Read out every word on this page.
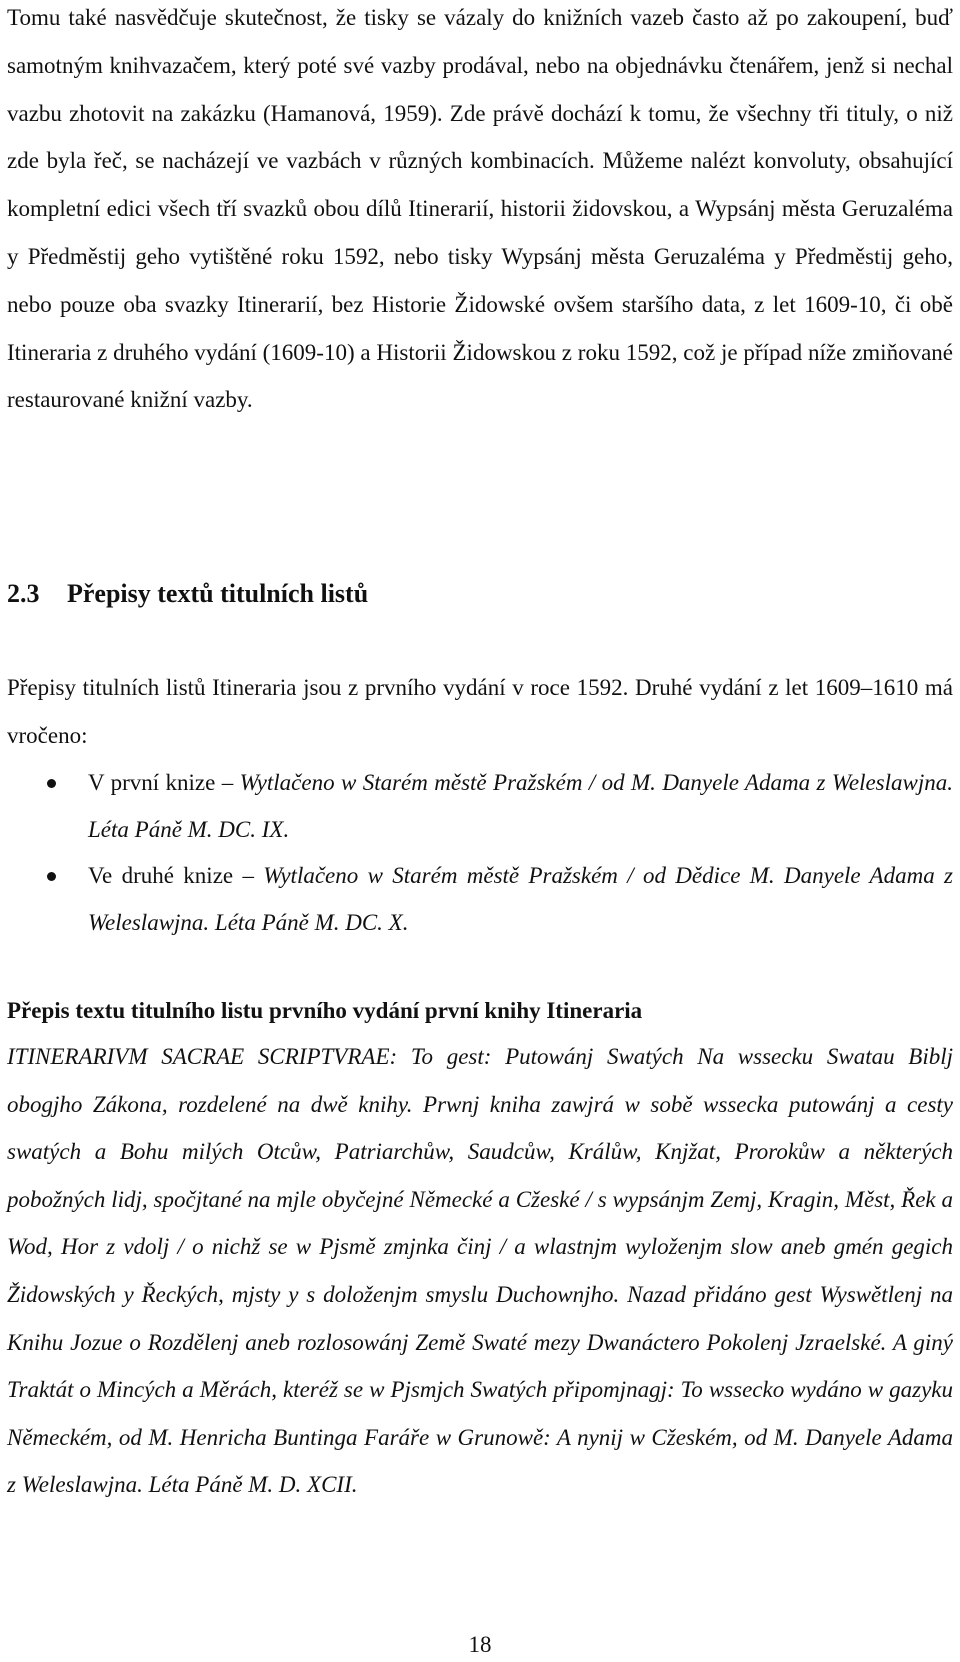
Tomu také nasvědčuje skutečnost, že tisky se vázaly do knižních vazeb často až po zakoupení, buď samotným knihvazačem, který poté své vazby prodával, nebo na objednávku čtenářem, jenž si nechal vazbu zhotovit na zakázku (Hamanová, 1959). Zde právě dochází k tomu, že všechny tři tituly, o niž zde byla řeč, se nacházejí ve vazbách v různých kombinacích. Můžeme nalézt konvoluty, obsahující kompletní edici všech tří svazků obou dílů Itinerarií, historii židovskou, a Wypsánj města Geruzaléma y Předměstij geho vytištěné roku 1592, nebo tisky Wypsánj města Geruzaléma y Předměstij geho, nebo pouze oba svazky Itinerarií, bez Historie Židowské ovšem staršího data, z let 1609-10, či obě Itineraria z druhého vydání (1609-10) a Historii Židowskou z roku 1592, což je případ níže zmiňované restaurované knižní vazby.

2.3 Přepisy textů titulních listů

Přepisy titulních listů Itineraria jsou z prvního vydání v roce 1592. Druhé vydání z let 1609–1610 má vročeno:

V první knize – Wytlačeno w Starém městě Pražském / od M. Danyele Adama z Weleslawjna. Léta Páně M. DC. IX.
Ve druhé knize – Wytlačeno w Starém městě Pražském / od Dědice M. Danyele Adama z Weleslawjna. Léta Páně M. DC. X.

Přepis textu titulního listu prvního vydání první knihy Itineraria

ITINERARIVM SACRAE SCRIPTVRAE: To gest: Putowánj Swatých Na wssecku Swatau Biblj obogjho Zákona, rozdelené na dwě knihy. Prwnj kniha zawjrá w sobě wssecka putowánj a cesty swatých a Bohu milých Otcůw, Patriarchůw, Saudcůw, Králůw, Knjžat, Prorokůw a některých pobožných lidj, spočjtané na mjle obyčejné Německé a Cžeské / s wypsánjm Zemj, Kragin, Měst, Řek a Wod, Hor z vdolj / o nichž se w Pjsmě zmjnka činj / a wlastnjm wyloženjm slow aneb gmén gegich Židowských y Řeckých, mjsty y s doloženjm smyslu Duchownjho. Nazad přidáno gest Wyswětlenj na Knihu Jozue o Rozdělenj aneb rozlosowánj Země Swaté mezy Dwanáctero Pokolenj Jzraelské. A giný Traktát o Mincých a Měrách, kteréž se w Pjsmjch Swatých připomjnagj: To wssecko wydáno w gazyku Německém, od M. Henricha Buntinga Faráře w Grunowě: A nynij w Cžeském, od M. Danyele Adama z Weleslawjna. Léta Páně M. D. XCII.

18
